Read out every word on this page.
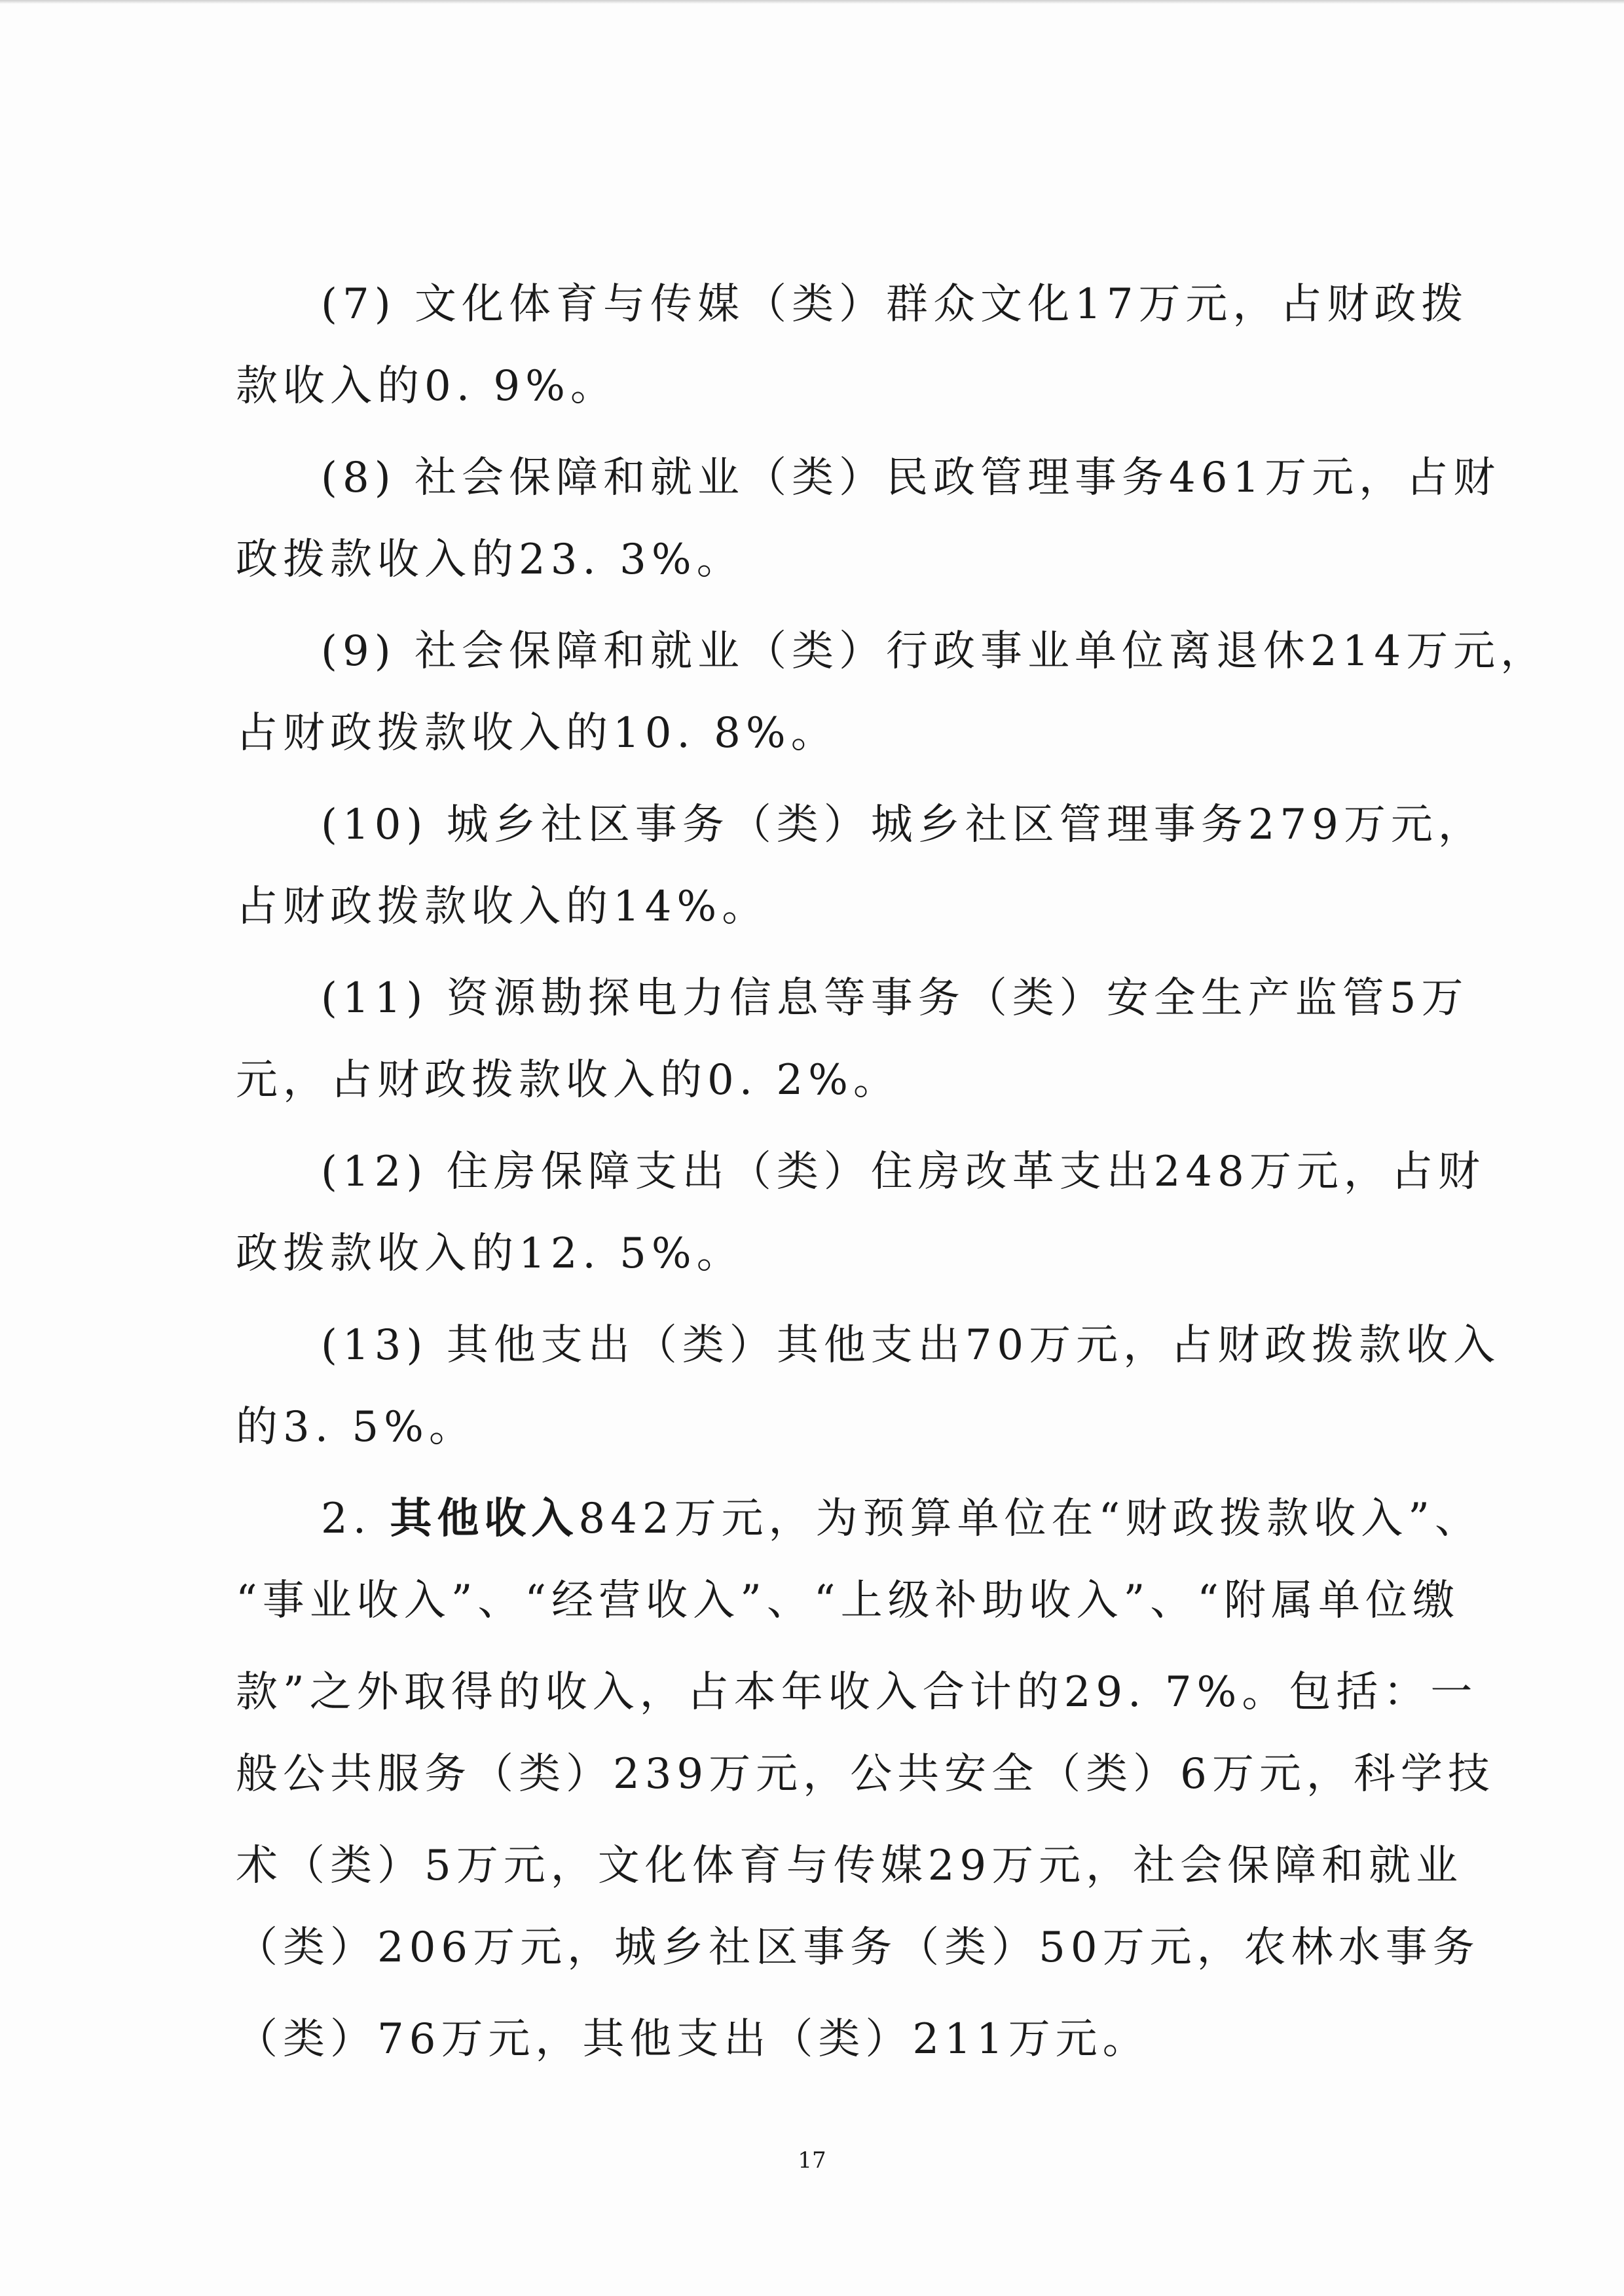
(7) 文化体育与传媒（类）群众文化17万元，占财政拨
款收入的0. 9%。
(8) 社会保障和就业（类）民政管理事务461万元，占财
政拨款收入的23. 3%。
(9) 社会保障和就业（类）行政事业单位离退休214万元，
占财政拨款收入的10. 8%。
(10) 城乡社区事务（类）城乡社区管理事务279万元，
占财政拨款收入的14%。
(11) 资源勘探电力信息等事务（类）安全生产监管5万
元，占财政拨款收入的0. 2%。
(12) 住房保障支出（类）住房改革支出248万元，占财
政拨款收入的12. 5%。
(13) 其他支出（类）其他支出70万元，占财政拨款收入
的3. 5%。
2. 其他收入842万元，为预算单位在“财政拨款收入”、
“事业收入”、“经营收入”、“上级补助收入”、“附属单位缴
款”之外取得的收入，占本年收入合计的29. 7%。包括：一
般公共服务（类）239万元，公共安全（类）6万元，科学技
术（类）5万元，文化体育与传媒29万元，社会保障和就业
（类）206万元，城乡社区事务（类）50万元，农林水事务
（类）76万元，其他支出（类）211万元。
17
